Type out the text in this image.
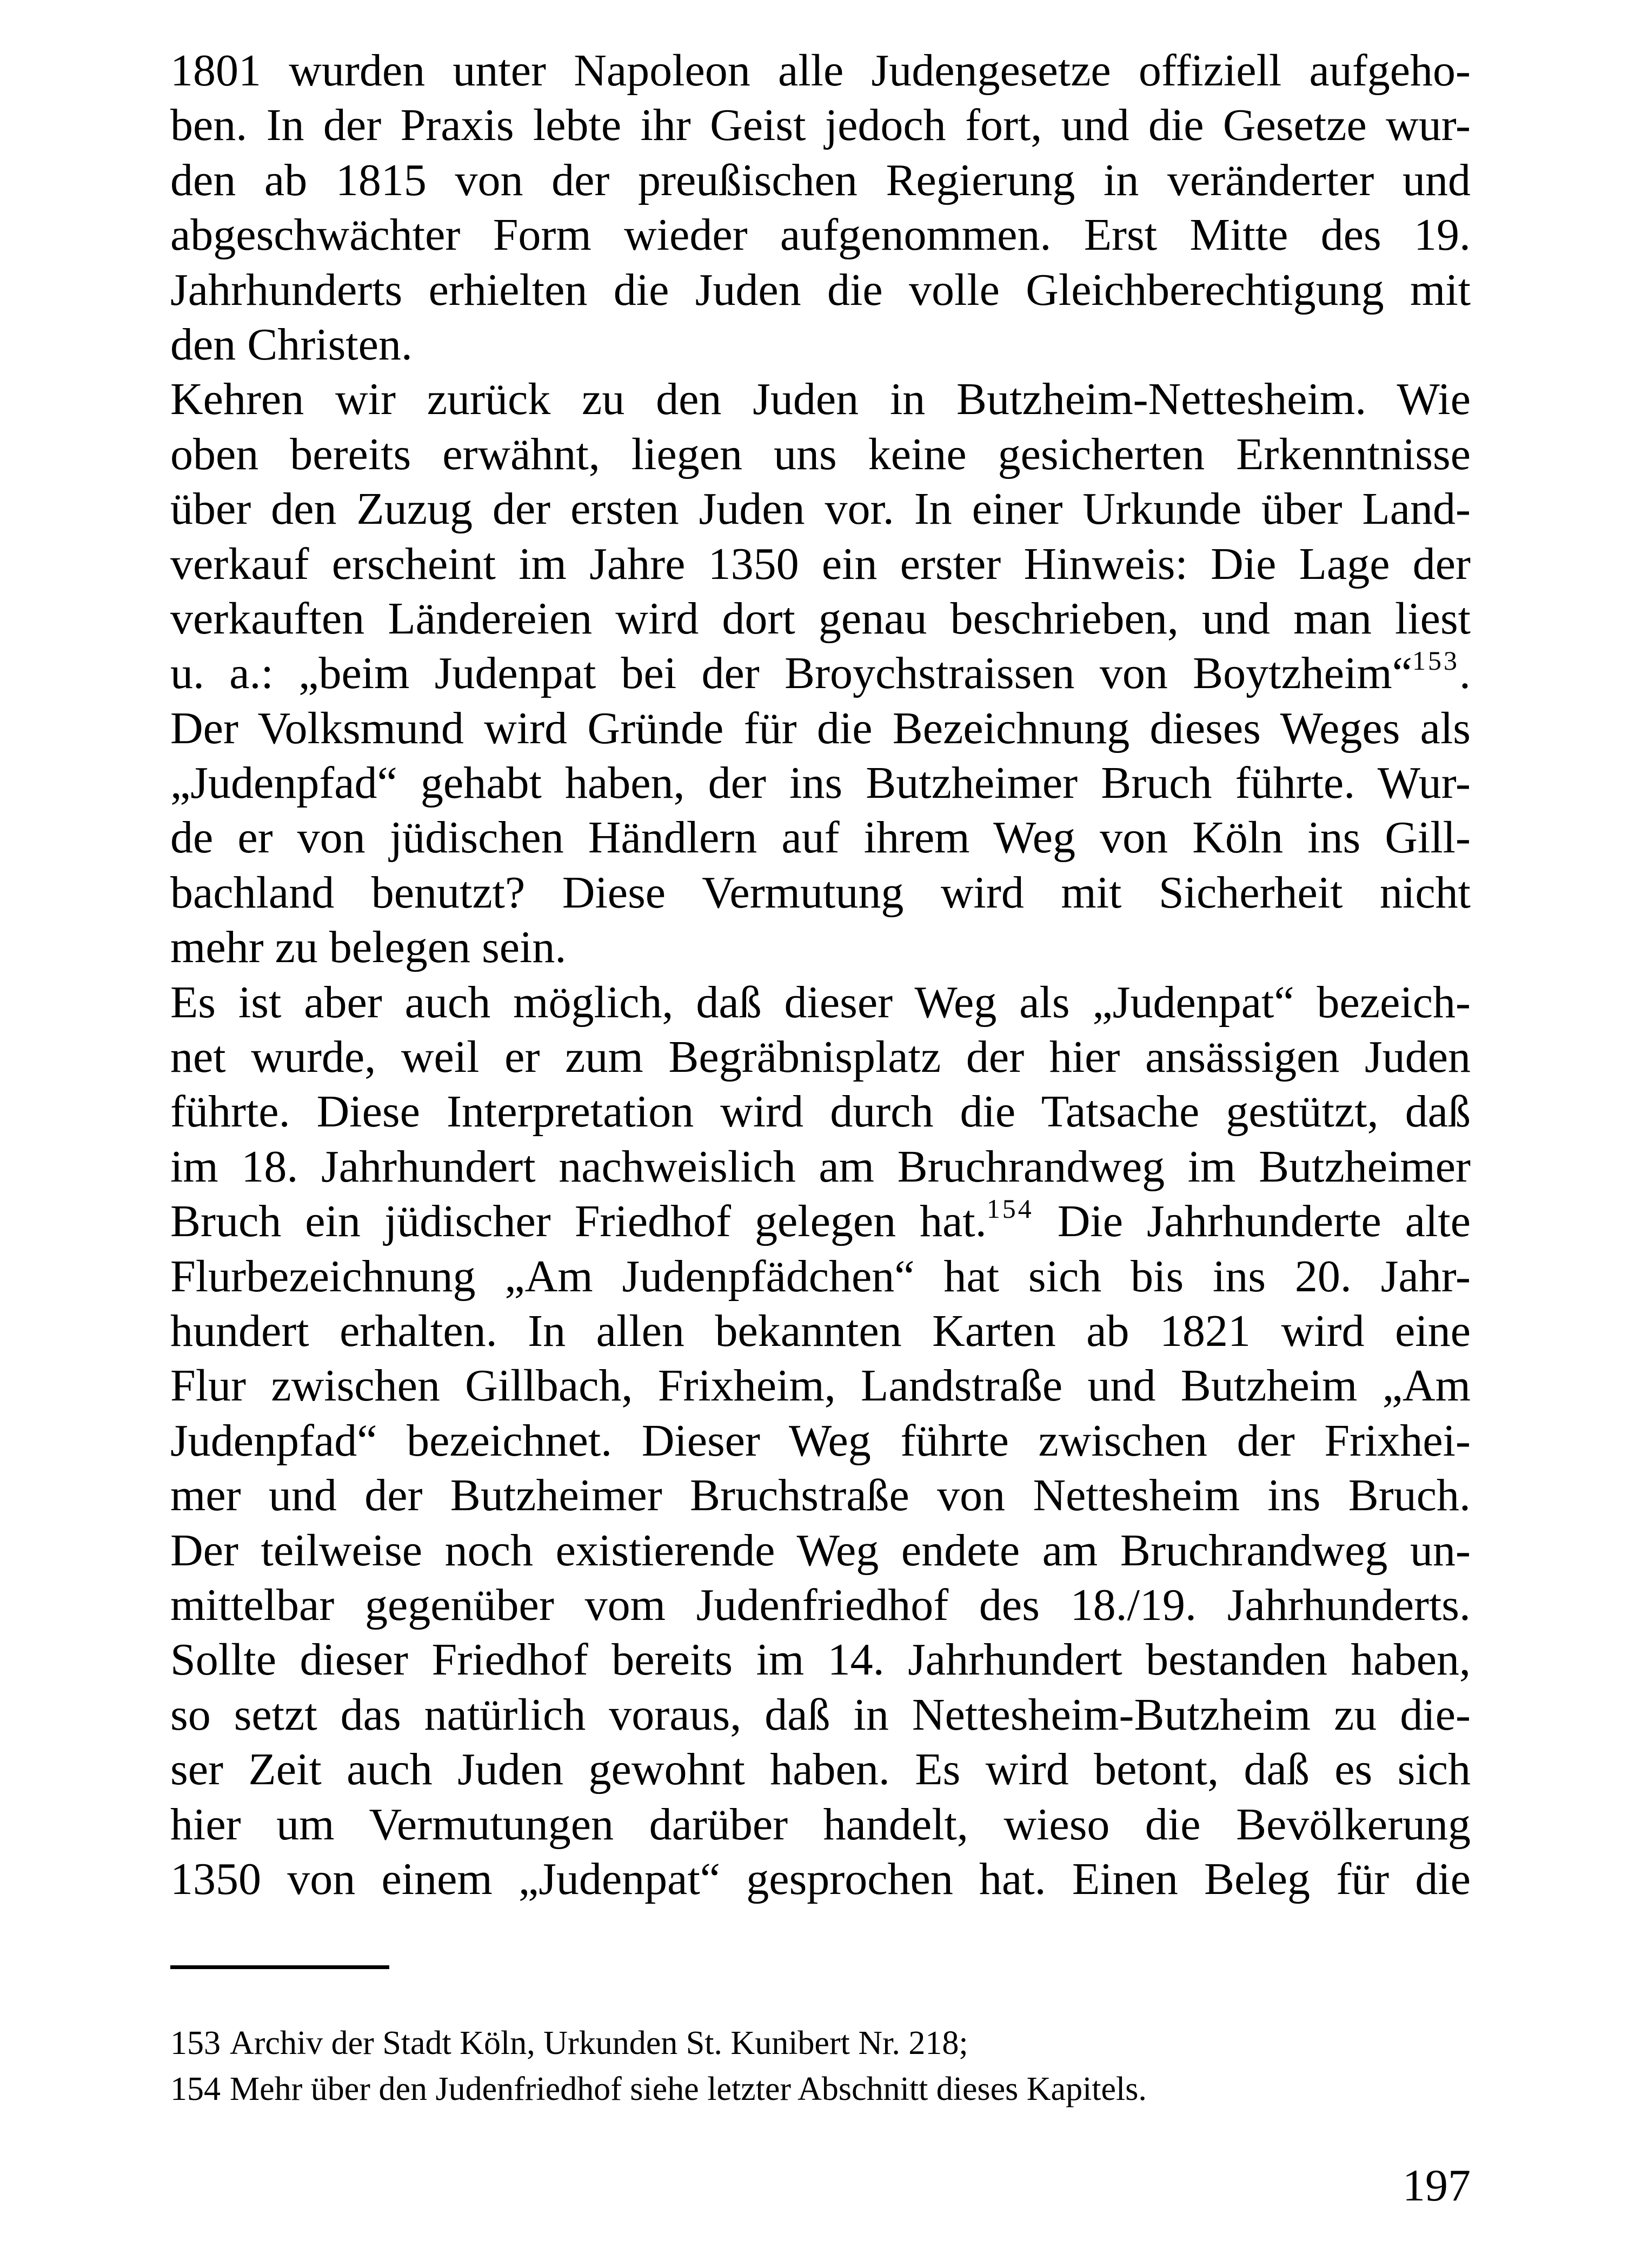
1801 wurden unter Napoleon alle Judengesetze offiziell aufgeho-
ben. In der Praxis lebte ihr Geist jedoch fort, und die Gesetze wur-
den ab 1815 von der preußischen Regierung in veränderter und
abgeschwächter Form wieder aufgenommen. Erst Mitte des 19.
Jahrhunderts erhielten die Juden die volle Gleichberechtigung mit
den Christen.
Kehren wir zurück zu den Juden in Butzheim-Nettesheim. Wie
oben bereits erwähnt, liegen uns keine gesicherten Erkenntnisse
über den Zuzug der ersten Juden vor. In einer Urkunde über Land-
verkauf erscheint im Jahre 1350 ein erster Hinweis: Die Lage der
verkauften Ländereien wird dort genau beschrieben, und man liest
u. a.: „beim Judenpat bei der Broychstraissen von Boytzheim“$^{153}$.
Der Volksmund wird Gründe für die Bezeichnung dieses Weges als
„Judenpfad“ gehabt haben, der ins Butzheimer Bruch führte. Wur-
de er von jüdischen Händlern auf ihrem Weg von Köln ins Gill-
bachland benutzt? Diese Vermutung wird mit Sicherheit nicht
mehr zu belegen sein.
Es ist aber auch möglich, daß dieser Weg als „Judenpat“ bezeich-
net wurde, weil er zum Begräbnisplatz der hier ansässigen Juden
führte. Diese Interpretation wird durch die Tatsache gestützt, daß
im 18. Jahrhundert nachweislich am Bruchrandweg im Butzheimer
Bruch ein jüdischer Friedhof gelegen hat.$^{154}$ Die Jahrhunderte alte
Flurbezeichnung „Am Judenpfädchen“ hat sich bis ins 20. Jahr-
hundert erhalten. In allen bekannten Karten ab 1821 wird eine
Flur zwischen Gillbach, Frixheim, Landstraße und Butzheim „Am
Judenpfad“ bezeichnet. Dieser Weg führte zwischen der Frixhei-
mer und der Butzheimer Bruchstraße von Nettesheim ins Bruch.
Der teilweise noch existierende Weg endete am Bruchrandweg un-
mittelbar gegenüber vom Judenfriedhof des 18./19. Jahrhunderts.
Sollte dieser Friedhof bereits im 14. Jahrhundert bestanden haben,
so setzt das natürlich voraus, daß in Nettesheim-Butzheim zu die-
ser Zeit auch Juden gewohnt haben. Es wird betont, daß es sich
hier um Vermutungen darüber handelt, wieso die Bevölkerung
1350 von einem „Judenpat“ gesprochen hat. Einen Beleg für die
153 Archiv der Stadt Köln, Urkunden St. Kunibert Nr. 218;
154 Mehr über den Judenfriedhof siehe letzter Abschnitt dieses Kapitels.
197
